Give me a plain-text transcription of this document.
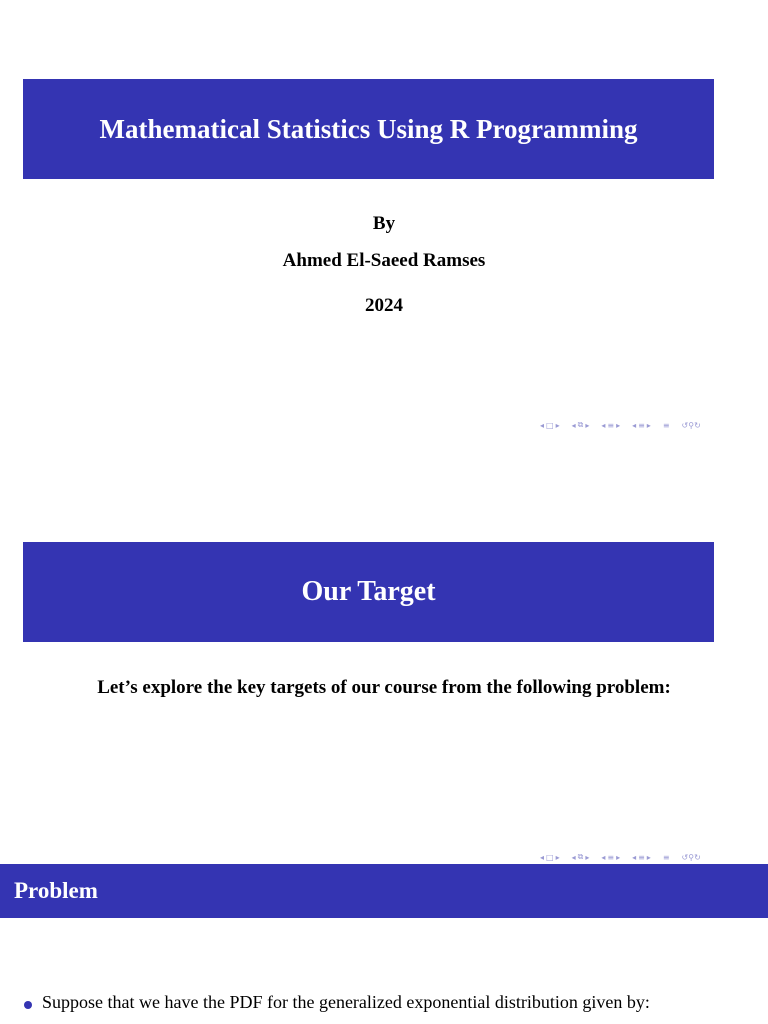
Mathematical Statistics Using R Programming
By
Ahmed El-Saeed Ramses
2024
◂ □ ▸ ◂ ⧉ ▸ ◂ ≡ ▸ ◂ ≡ ▸ ≡ ↺⚲↻
Our Target
Let’s explore the key targets of our course from the following problem:
◂ □ ▸ ◂ ⧉ ▸ ◂ ≡ ▸ ◂ ≡ ▸ ≡ ↺⚲↻
Problem
Suppose that we have the PDF for the generalized exponential distribution given by:
